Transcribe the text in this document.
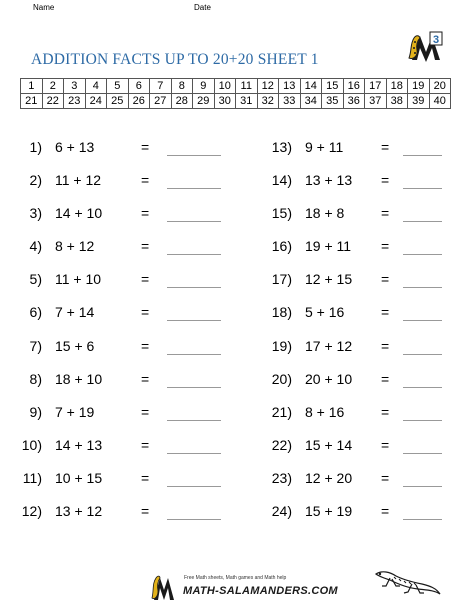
Name	Date
ADDITION FACTS UP TO 20+20 SHEET 1
3
1	2	3	4	5	6	7	8	9	10	11	12	13	14	15	16	17	18	19	20
21	22	23	24	25	26	27	28	29	30	31	32	33	34	35	36	37	38	39	40
1) 6 + 13	=
2) 11 + 12	=
3) 14 + 10	=
4) 8 + 12	=
5) 11 + 10	=
6) 7 + 14	=
7) 15 + 6	=
8) 18 + 10	=
9) 7 + 19	=
10) 14 + 13	=
11) 10 + 15	=
12) 13 + 12	=
13) 9 + 11	=
14) 13 + 13 =
15) 18 + 8	=
16) 19 + 11 =
17) 12 + 15 =
18) 5 + 16	=
19) 17 + 12 =
20) 20 + 10 =
21) 8 + 16	=
22) 15 + 14 =
23) 12 + 20 =
24) 15 + 19 =
Free Math sheets, Math games and Math help
MATH-SALAMANDERS.COM
